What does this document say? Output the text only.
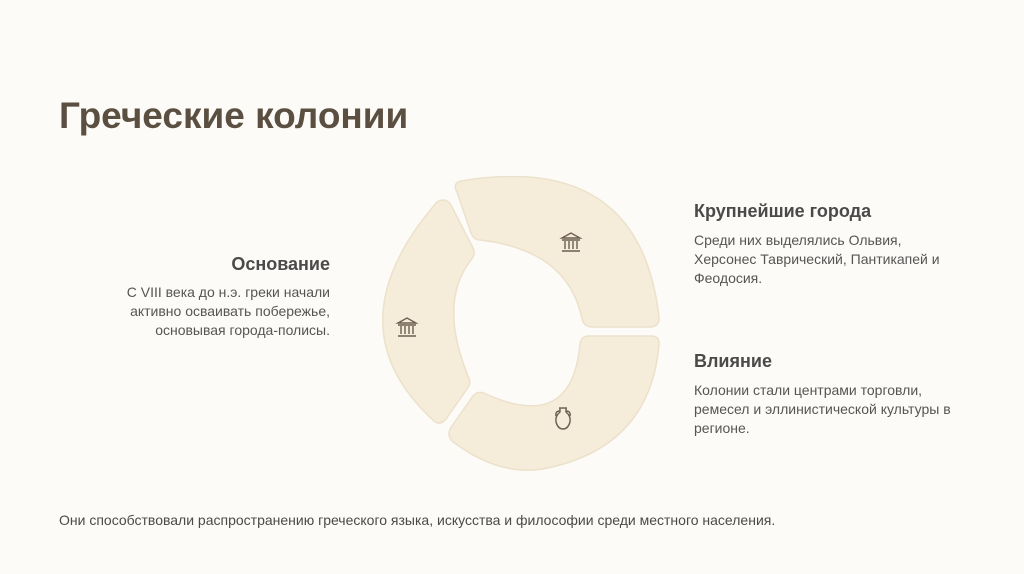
Греческие колонии
Основание
С VIII века до н.э. греки начали активно осваивать побережье, основывая города-полисы.
Крупнейшие города
Среди них выделялись Ольвия, Херсонес Таврический, Пантикапей и Феодосия.
Влияние
Колонии стали центрами торговли, ремесел и эллинистической культуры в регионе.
Они способствовали распространению греческого языка, искусства и философии среди местного населения.
